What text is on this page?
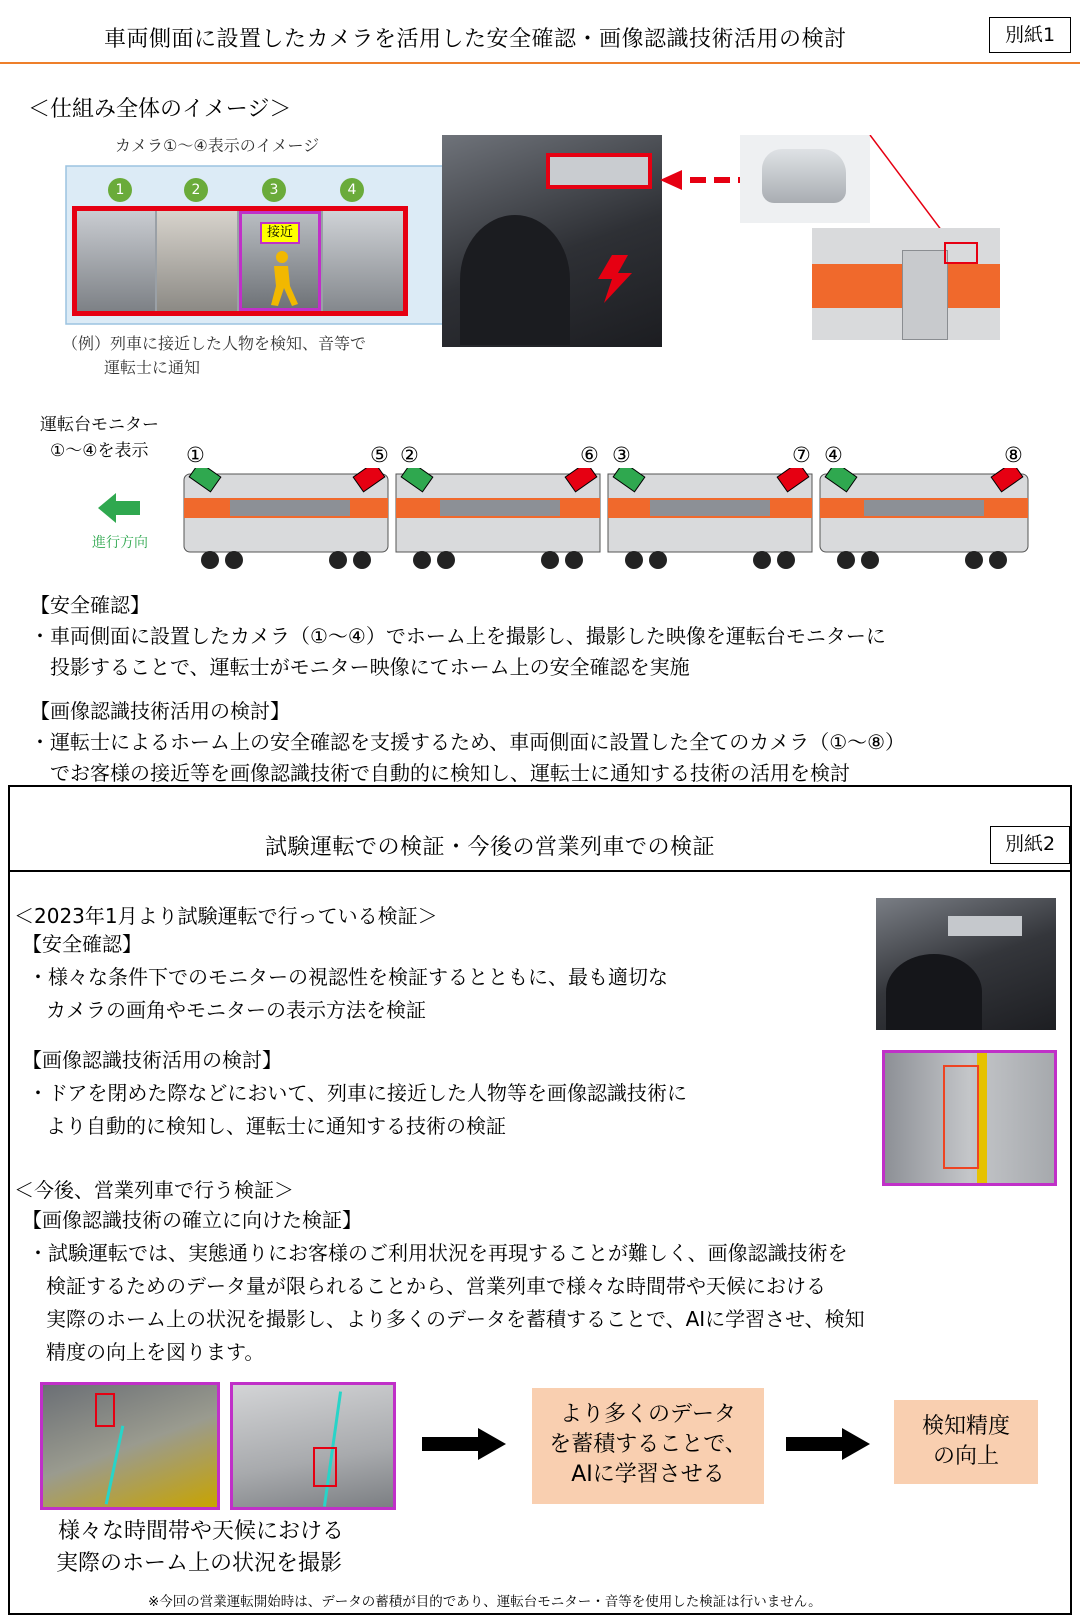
車両側面に設置したカメラを活用した安全確認・画像認識技術活用の検討	別紙1
＜仕組み全体のイメージ＞
カメラ①～④表示のイメージ
1	2	3	4
接近
（例）列車に接近した人物を検知、音等で
運転士に通知
運転台モニター
①～④を表示
進行方向
①	⑤ ②	⑥ ③	⑦ ④	⑧
【安全確認】
・車両側面に設置したカメラ（①～④）でホーム上を撮影し、撮影した映像を運転台モニターに
投影することで、運転士がモニター映像にてホーム上の安全確認を実施
【画像認識技術活用の検討】
・運転士によるホーム上の安全確認を支援するため、車両側面に設置した全てのカメラ（①～⑧）
でお客様の接近等を画像認識技術で自動的に検知し、運転士に通知する技術の活用を検討
試験運転での検証・今後の営業列車での検証	別紙2
＜2023年1月より試験運転で行っている検証＞
【安全確認】
・様々な条件下でのモニターの視認性を検証するとともに、最も適切な
カメラの画角やモニターの表示方法を検証
【画像認識技術活用の検討】
・ドアを閉めた際などにおいて、列車に接近した人物等を画像認識技術に
より自動的に検知し、運転士に通知する技術の検証
＜今後、営業列車で行う検証＞
【画像認識技術の確立に向けた検証】
・試験運転では、実態通りにお客様のご利用状況を再現することが難しく、画像認識技術を
検証するためのデータ量が限られることから、営業列車で様々な時間帯や天候における
実際のホーム上の状況を撮影し、より多くのデータを蓄積することで、AIに学習させ、検知
精度の向上を図ります。
より多くのデータ
を蓄積することで、
AIに学習させる
検知精度
の向上
様々な時間帯や天候における
実際のホーム上の状況を撮影
※今回の営業運転開始時は、データの蓄積が目的であり、運転台モニター・音等を使用した検証は行いません。
